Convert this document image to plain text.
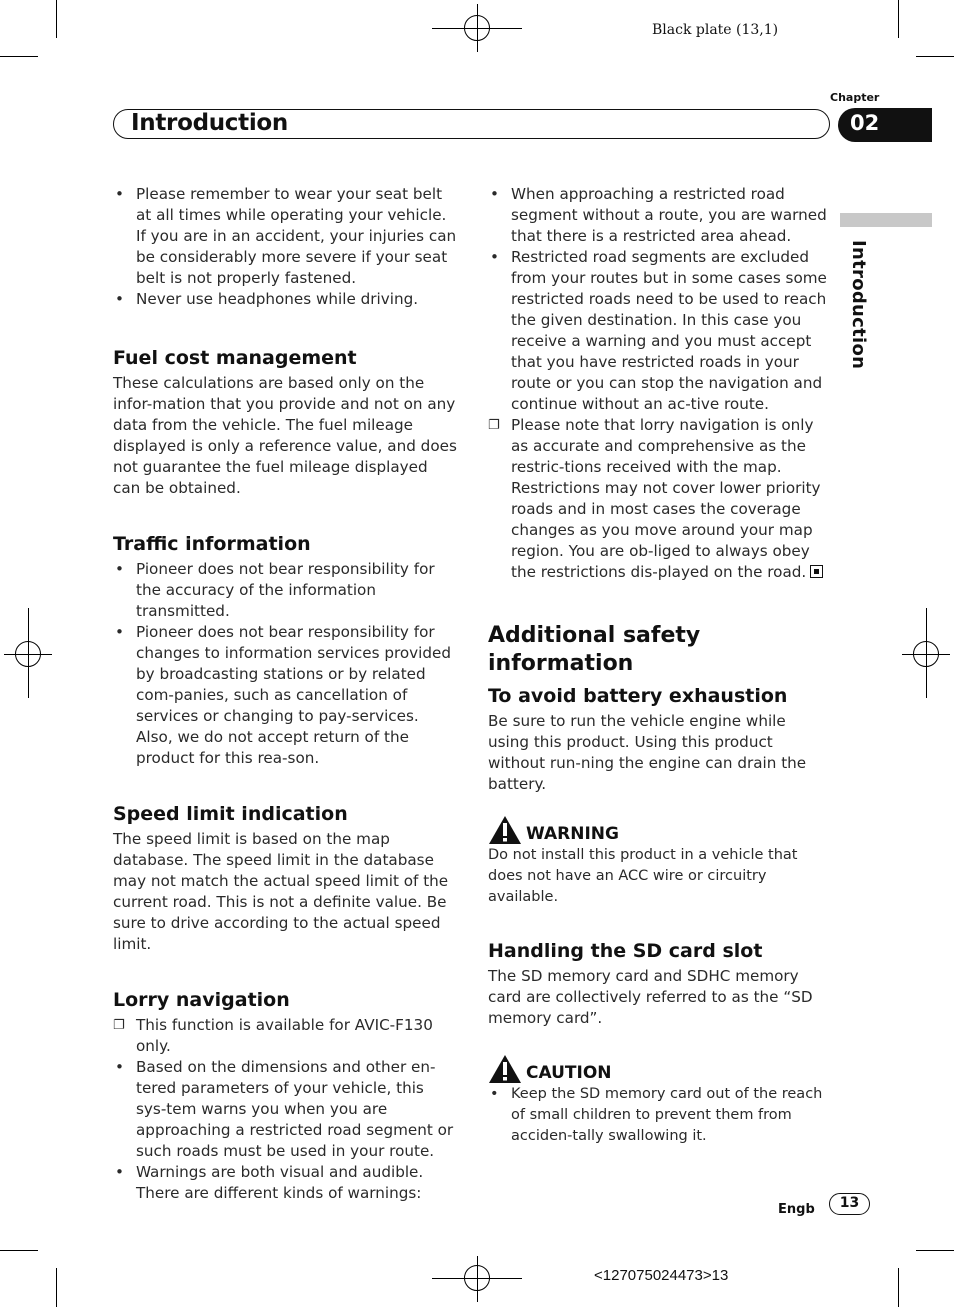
Black plate (13,1)
Chapter
Introduction	02
Introduction
• Please remember to wear your seat belt at all times while operating your vehicle. If you are in an accident, your injuries can be considerably more severe if your seat belt is not properly fastened.
• Never use headphones while driving.
Fuel cost management

These calculations are based only on the infor-mation that you provide and not on any data from the vehicle. The fuel mileage displayed is only a reference value, and does not guarantee the fuel mileage displayed can be obtained.

Traffic information
• Pioneer does not bear responsibility for the accuracy of the information transmitted.
• Pioneer does not bear responsibility for changes to information services provided by broadcasting stations or by related com-panies, such as cancellation of services or changing to pay-services. Also, we do not accept return of the product for this rea-son.
Speed limit indication

The speed limit is based on the map database. The speed limit in the database may not match the actual speed limit of the current road. This is not a definite value. Be sure to drive according to the actual speed limit.

Lorry navigation
❐ This function is available for AVIC-F130 only.
• Based on the dimensions and other en-tered parameters of your vehicle, this sys-tem warns you when you are approaching a restricted road segment or such roads must be used in your route.
• Warnings are both visual and audible. There are different kinds of warnings:
• When approaching a restricted road segment without a route, you are warned that there is a restricted area ahead.
• Restricted road segments are excluded from your routes but in some cases some restricted roads need to be used to reach the given destination. In this case you receive a warning and you must accept that you have restricted roads in your route or you can stop the navigation and continue without an ac-tive route.
❐ Please note that lorry navigation is only as accurate and comprehensive as the restric-tions received with the map. Restrictions may not cover lower priority roads and in most cases the coverage changes as you move around your map region. You are ob-liged to always obey the restrictions dis-played on the road.
Additional safety information
To avoid battery exhaustion

Be sure to run the vehicle engine while using this product. Using this product without run-ning the engine can drain the battery.

WARNING

Do not install this product in a vehicle that does not have an ACC wire or circuitry available.

Handling the SD card slot

The SD memory card and SDHC memory card are collectively referred to as the “SD memory card”.

CAUTION
• Keep the SD memory card out of the reach of small children to prevent them from acciden-tally swallowing it.
Engb	13
<127075024473>13
